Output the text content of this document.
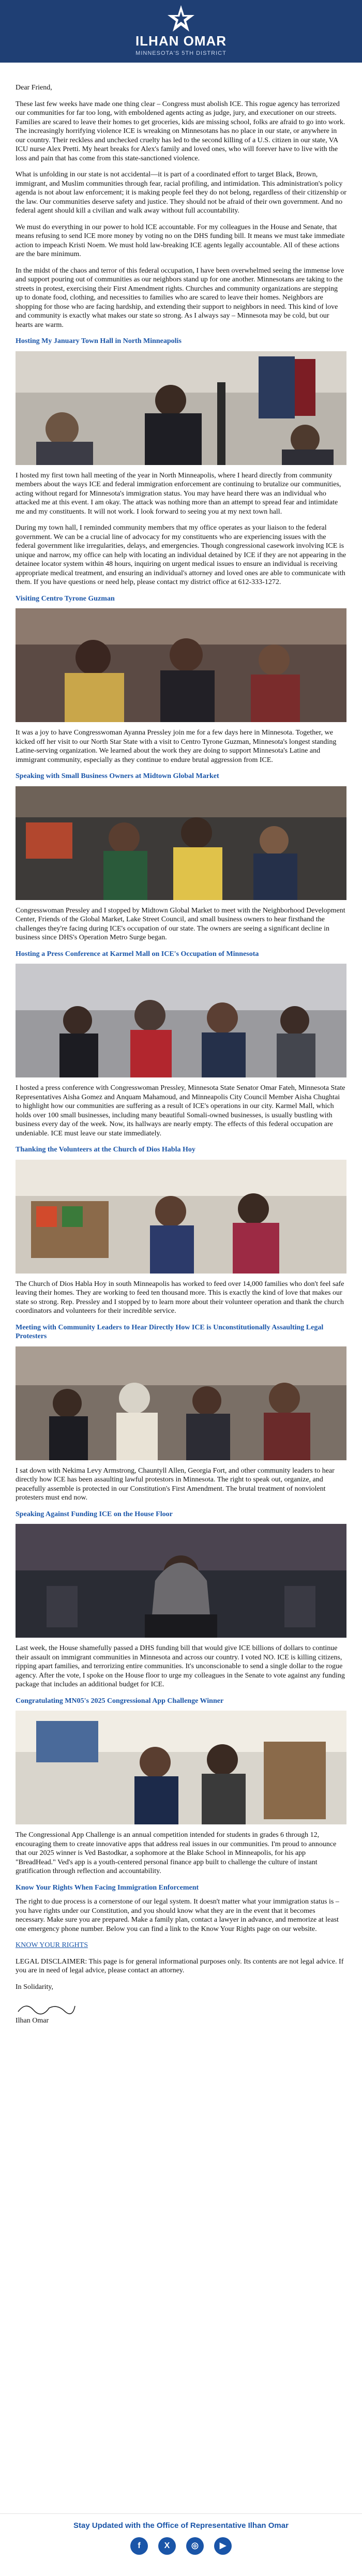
ILHAN OMAR
MINNESOTA'S 5TH DISTRICT

Dear Friend,

These last few weeks have made one thing clear – Congress must abolish ICE. This rogue agency has terrorized our communities for far too long, with emboldened agents acting as judge, jury, and executioner on our streets. Families are scared to leave their homes to get groceries, kids are missing school, folks are afraid to go into work. The increasingly horrifying violence ICE is wreaking on Minnesotans has no place in our state, or anywhere in our country. Their reckless and unchecked cruelty has led to the second killing of a U.S. citizen in our state, VA ICU nurse Alex Pretti. My heart breaks for Alex's family and loved ones, who will forever have to live with the loss and pain that has come from this state-sanctioned violence.

What is unfolding in our state is not accidental—it is part of a coordinated effort to target Black, Brown, immigrant, and Muslim communities through fear, racial profiling, and intimidation. This administration's policy agenda is not about law enforcement; it is making people feel they do not belong, regardless of their citizenship or the law. Our communities deserve safety and justice. They should not be afraid of their own government. And no federal agent should kill a civilian and walk away without full accountability.

We must do everything in our power to hold ICE accountable. For my colleagues in the House and Senate, that means refusing to send ICE more money by voting no on the DHS funding bill. It means we must take immediate action to impeach Kristi Noem. We must hold law-breaking ICE agents legally accountable. All of these actions are the bare minimum.

In the midst of the chaos and terror of this federal occupation, I have been overwhelmed seeing the immense love and support pouring out of communities as our neighbors stand up for one another. Minnesotans are taking to the streets in protest, exercising their First Amendment rights. Churches and community organizations are stepping up to donate food, clothing, and necessities to families who are scared to leave their homes. Neighbors are shopping for those who are facing hardship, and extending their support to neighbors in need. This kind of love and community is exactly what makes our state so strong. As I always say – Minnesota may be cold, but our hearts are warm.

Hosting My January Town Hall in North Minneapolis

I hosted my first town hall meeting of the year in North Minneapolis, where I heard directly from community members about the ways ICE and federal immigration enforcement are continuing to brutalize our communities, acting without regard for Minnesota's immigration status. You may have heard there was an individual who attacked me at this event. I am okay. The attack was nothing more than an attempt to spread fear and intimidate me and my constituents. It will not work. I look forward to seeing you at my next town hall.

During my town hall, I reminded community members that my office operates as your liaison to the federal government. We can be a crucial line of advocacy for my constituents who are experiencing issues with the federal government like irregularities, delays, and emergencies. Though congressional casework involving ICE is unique and narrow, my office can help with locating an individual detained by ICE if they are not appearing in the detainee locator system within 48 hours, inquiring on urgent medical issues to ensure an individual is receiving appropriate medical treatment, and ensuring an individual's attorney and loved ones are able to communicate with them. If you have questions or need help, please contact my district office at 612-333-1272.

Visiting Centro Tyrone Guzman

It was a joy to have Congresswoman Ayanna Pressley join me for a few days here in Minnesota. Together, we kicked off her visit to our North Star State with a visit to Centro Tyrone Guzman, Minnesota's longest standing Latine-serving organization. We learned about the work they are doing to support Minnesota's Latine and immigrant community, especially as they continue to endure brutal aggression from ICE.

Speaking with Small Business Owners at Midtown Global Market

Congresswoman Pressley and I stopped by Midtown Global Market to meet with the Neighborhood Development Center, Friends of the Global Market, Lake Street Council, and small business owners to hear firsthand the challenges they're facing during ICE's occupation of our state. The owners are seeing a significant decline in business since DHS's Operation Metro Surge began.

Hosting a Press Conference at Karmel Mall on ICE's Occupation of Minnesota

I hosted a press conference with Congresswoman Pressley, Minnesota State Senator Omar Fateh, Minnesota State Representatives Aisha Gomez and Anquam Mahamoud, and Minneapolis City Council Member Aisha Chughtai to highlight how our communities are suffering as a result of ICE's operations in our city. Karmel Mall, which holds over 100 small businesses, including many beautiful Somali-owned businesses, is usually bustling with business every day of the week. Now, its hallways are nearly empty. The effects of this federal occupation are undeniable. ICE must leave our state immediately.

Thanking the Volunteers at the Church of Dios Habla Hoy

The Church of Dios Habla Hoy in south Minneapolis has worked to feed over 14,000 families who don't feel safe leaving their homes. They are working to feed ten thousand more. This is exactly the kind of love that makes our state so strong. Rep. Pressley and I stopped by to learn more about their volunteer operation and thank the church coordinators and volunteers for their incredible service.

Meeting with Community Leaders to Hear Directly How ICE is Unconstitutionally Assaulting Legal Protesters

I sat down with Nekima Levy Armstrong, Chauntyll Allen, Georgia Fort, and other community leaders to hear directly how ICE has been assaulting lawful protestors in Minnesota. The right to speak out, organize, and peacefully assemble is protected in our Constitution's First Amendment. The brutal treatment of nonviolent protesters must end now.

Speaking Against Funding ICE on the House Floor

Last week, the House shamefully passed a DHS funding bill that would give ICE billions of dollars to continue their assault on immigrant communities in Minnesota and across our country. I voted NO. ICE is killing citizens, ripping apart families, and terrorizing entire communities. It's unconscionable to send a single dollar to the rogue agency. After the vote, I spoke on the House floor to urge my colleagues in the Senate to vote against any funding package that includes an additional budget for ICE.

Congratulating MN05's 2025 Congressional App Challenge Winner

The Congressional App Challenge is an annual competition intended for students in grades 6 through 12, encouraging them to create innovative apps that address real issues in our communities. I'm proud to announce that our 2025 winner is Ved Bastodkar, a sophomore at the Blake School in Minneapolis, for his app "BreadHead." Ved's app is a youth-centered personal finance app built to challenge the culture of instant gratification through reflection and accountability.

Know Your Rights When Facing Immigration Enforcement

The right to due process is a cornerstone of our legal system. It doesn't matter what your immigration status is – you have rights under our Constitution, and you should know what they are in the event that it becomes necessary. Make sure you are prepared. Make a family plan, contact a lawyer in advance, and memorize at least one emergency phone number. Below you can find a link to the Know Your Rights page on our website.

KNOW YOUR RIGHTS

LEGAL DISCLAIMER: This page is for general informational purposes only. Its contents are not legal advice. If you are in need of legal advice, please contact an attorney.

In Solidarity,

Ilhan Omar

Stay Updated with the Office of Representative Ilhan Omar
f	X	◎	▶
